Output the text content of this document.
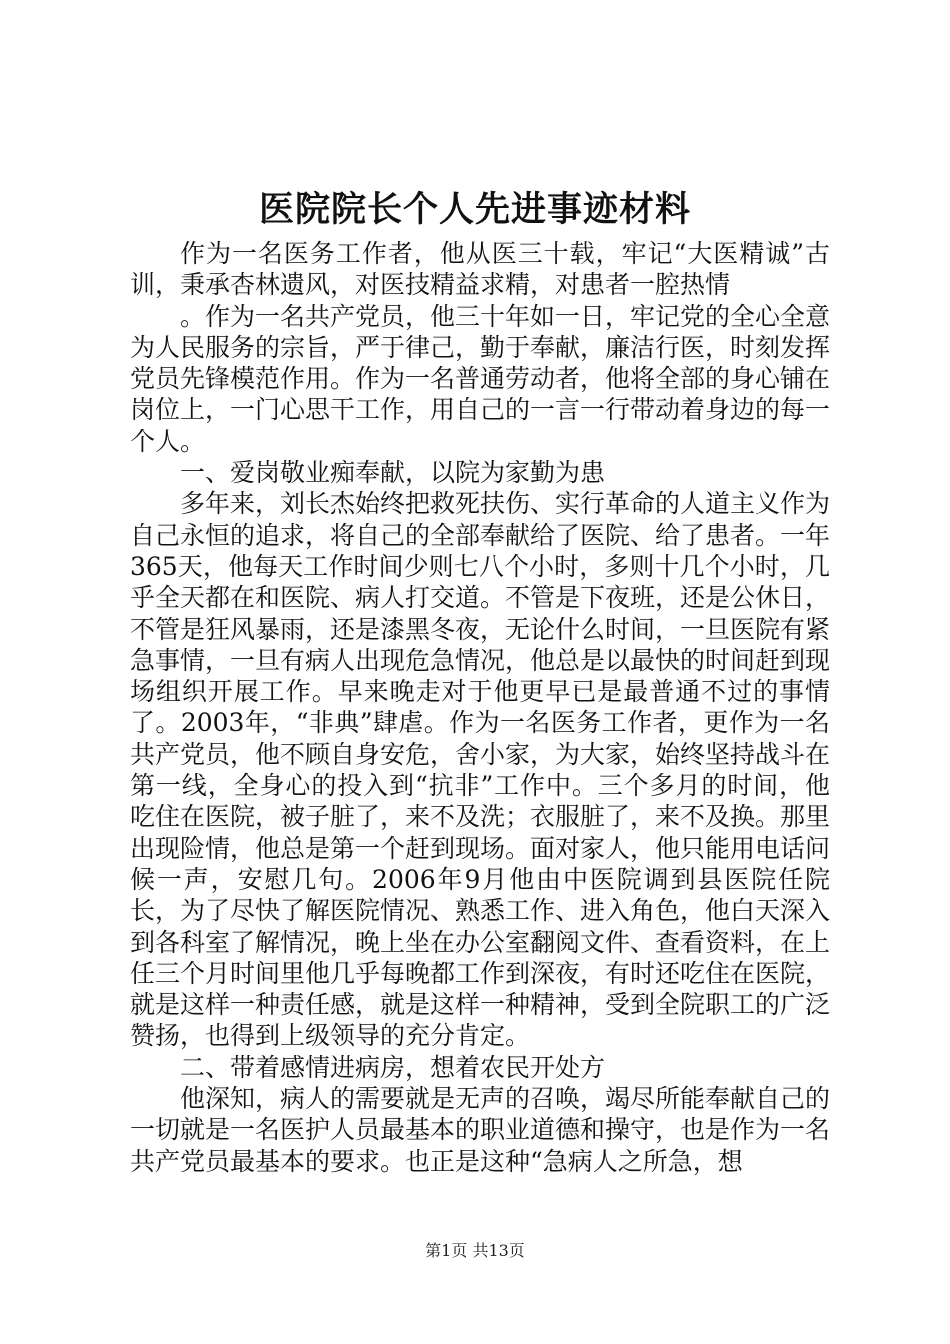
医院院长个人先进事迹材料

作为一名医务工作者，他从医三十载，牢记“大医精诚”古训，秉承杏林遗风，对医技精益求精，对患者一腔热情

。作为一名共产党员，他三十年如一日，牢记党的全心全意为人民服务的宗旨，严于律己，勤于奉献，廉洁行医，时刻发挥党员先锋模范作用。作为一名普通劳动者，他将全部的身心铺在岗位上，一门心思干工作，用自己的一言一行带动着身边的每一个人。

一、爱岗敬业痴奉献，以院为家勤为患

多年来，刘长杰始终把救死扶伤、实行革命的人道主义作为自己永恒的追求，将自己的全部奉献给了医院、给了患者。一年365天，他每天工作时间少则七八个小时，多则十几个小时，几乎全天都在和医院、病人打交道。不管是下夜班，还是公休日，不管是狂风暴雨，还是漆黑冬夜，无论什么时间，一旦医院有紧急事情，一旦有病人出现危急情况，他总是以最快的时间赶到现场组织开展工作。早来晚走对于他更早已是最普通不过的事情了。2003年，“非典”肆虐。作为一名医务工作者，更作为一名共产党员，他不顾自身安危，舍小家，为大家，始终坚持战斗在第一线，全身心的投入到“抗非”工作中。三个多月的时间，他吃住在医院，被子脏了，来不及洗；衣服脏了，来不及换。那里出现险情，他总是第一个赶到现场。面对家人，他只能用电话问候一声，安慰几句。2006年9月他由中医院调到县医院任院长，为了尽快了解医院情况、熟悉工作、进入角色，他白天深入到各科室了解情况，晚上坐在办公室翻阅文件、查看资料，在上任三个月时间里他几乎每晚都工作到深夜，有时还吃住在医院，就是这样一种责任感，就是这样一种精神，受到全院职工的广泛赞扬，也得到上级领导的充分肯定。

二、带着感情进病房，想着农民开处方

他深知，病人的需要就是无声的召唤，竭尽所能奉献自己的一切就是一名医护人员最基本的职业道德和操守，也是作为一名共产党员最基本的要求。也正是这种“急病人之所急，想

第1页 共13页
